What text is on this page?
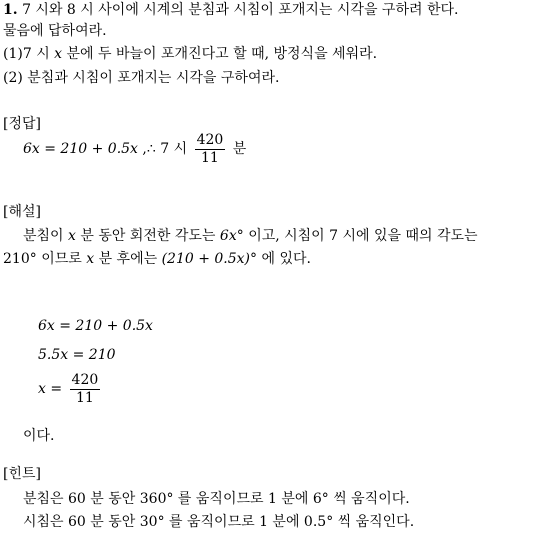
1. 7 시와 8 시 사이에 시계의 분침과 시침이 포개지는 시각을 구하려 한다.
물음에 답하여라.
(1)7 시 x 분에 두 바늘이 포개진다고 할 때, 방정식을 세워라.
(2) 분침과 시침이 포개지는 시각을 구하여라.
[정답]
6x = 210 + 0.5x ,∴ 7 시 $\frac{420}{11}$ 분
[해설]
분침이 x 분 동안 회전한 각도는 6x° 이고, 시침이 7 시에 있을 때의 각도는
210° 이므로 x 분 후에는 (210 + 0.5x)° 에 있다.
6x = 210 + 0.5x
5.5x = 210
$x = \frac{420}{11}$
이다.
[힌트]
분침은 60 분 동안 360° 를 움직이므로 1 분에 6° 씩 움직이다.
시침은 60 분 동안 30° 를 움직이므로 1 분에 0.5° 씩 움직인다.
